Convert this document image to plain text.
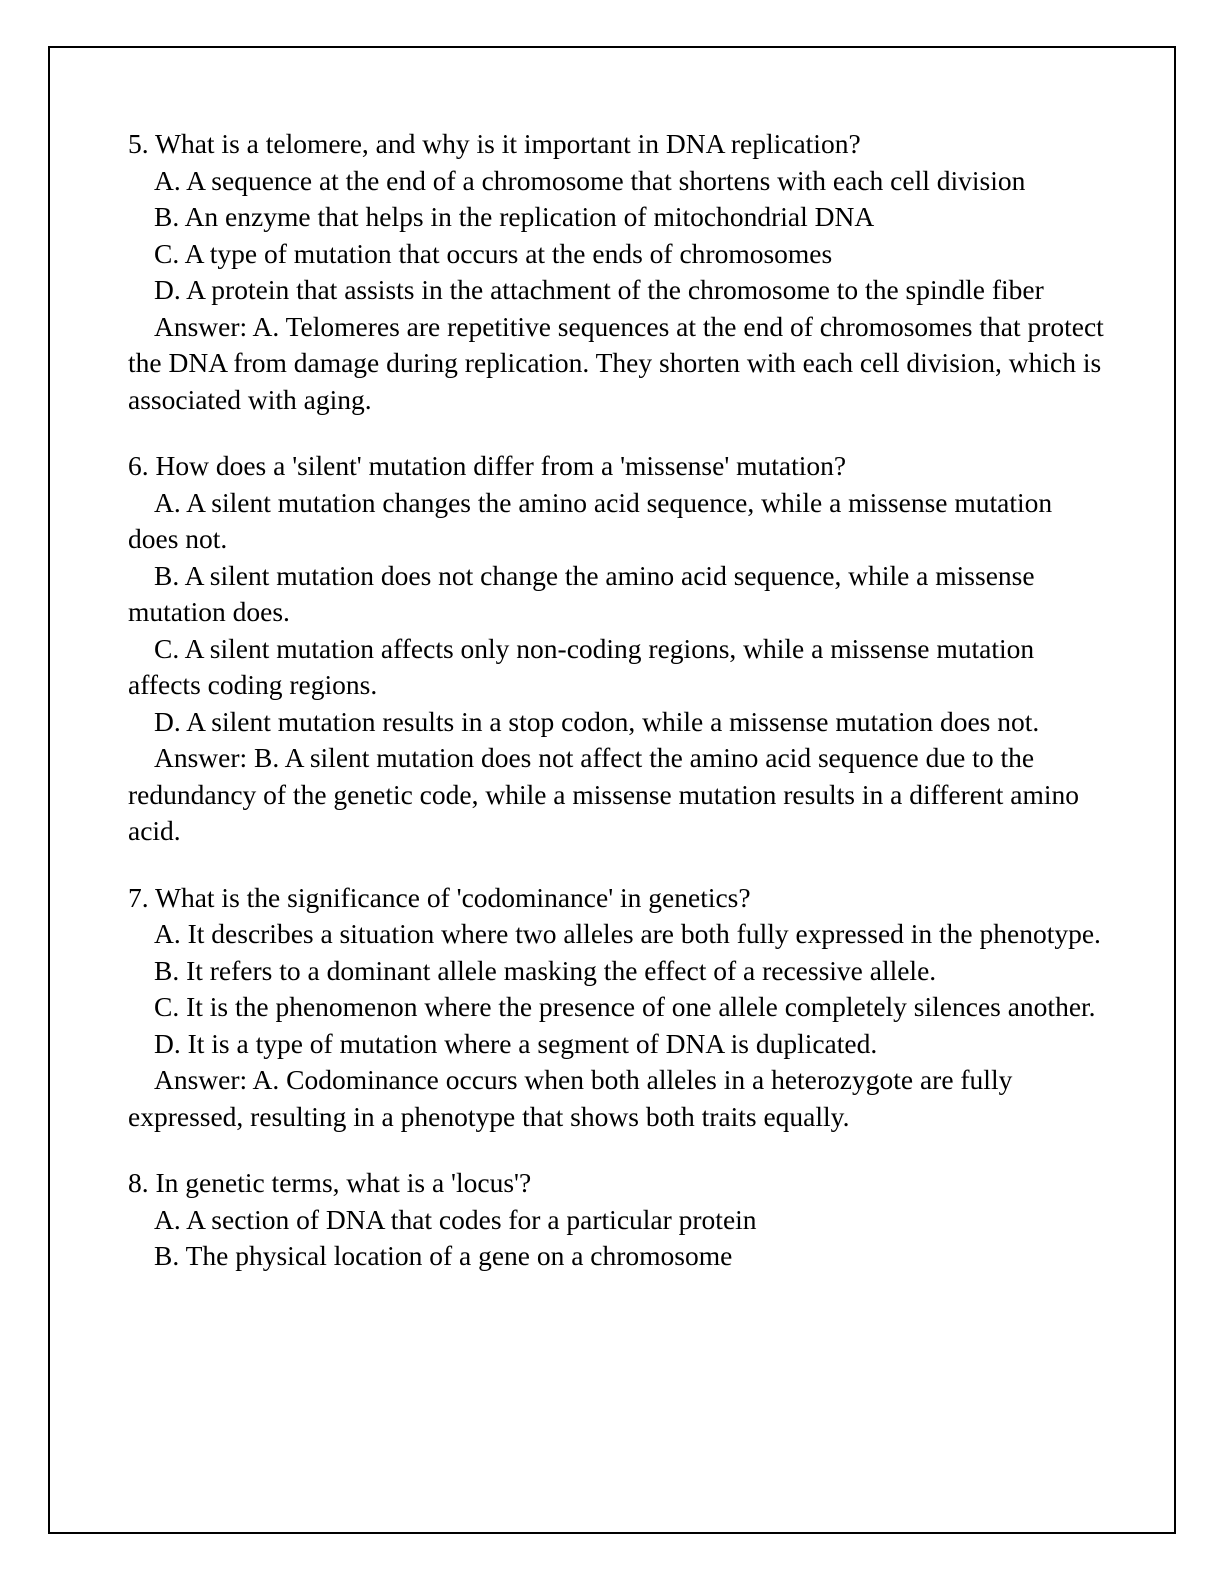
5. What is a telomere, and why is it important in DNA replication?
A. A sequence at the end of a chromosome that shortens with each cell division
B. An enzyme that helps in the replication of mitochondrial DNA
C. A type of mutation that occurs at the ends of chromosomes
D. A protein that assists in the attachment of the chromosome to the spindle fiber
Answer: A. Telomeres are repetitive sequences at the end of chromosomes that protect the DNA from damage during replication. They shorten with each cell division, which is associated with aging.
6. How does a 'silent' mutation differ from a 'missense' mutation?
A. A silent mutation changes the amino acid sequence, while a missense mutation does not.
B. A silent mutation does not change the amino acid sequence, while a missense mutation does.
C. A silent mutation affects only non-coding regions, while a missense mutation affects coding regions.
D. A silent mutation results in a stop codon, while a missense mutation does not.
Answer: B. A silent mutation does not affect the amino acid sequence due to the redundancy of the genetic code, while a missense mutation results in a different amino acid.
7. What is the significance of 'codominance' in genetics?
A. It describes a situation where two alleles are both fully expressed in the phenotype.
B. It refers to a dominant allele masking the effect of a recessive allele.
C. It is the phenomenon where the presence of one allele completely silences another.
D. It is a type of mutation where a segment of DNA is duplicated.
Answer: A. Codominance occurs when both alleles in a heterozygote are fully expressed, resulting in a phenotype that shows both traits equally.
8. In genetic terms, what is a 'locus'?
A. A section of DNA that codes for a particular protein
B. The physical location of a gene on a chromosome
